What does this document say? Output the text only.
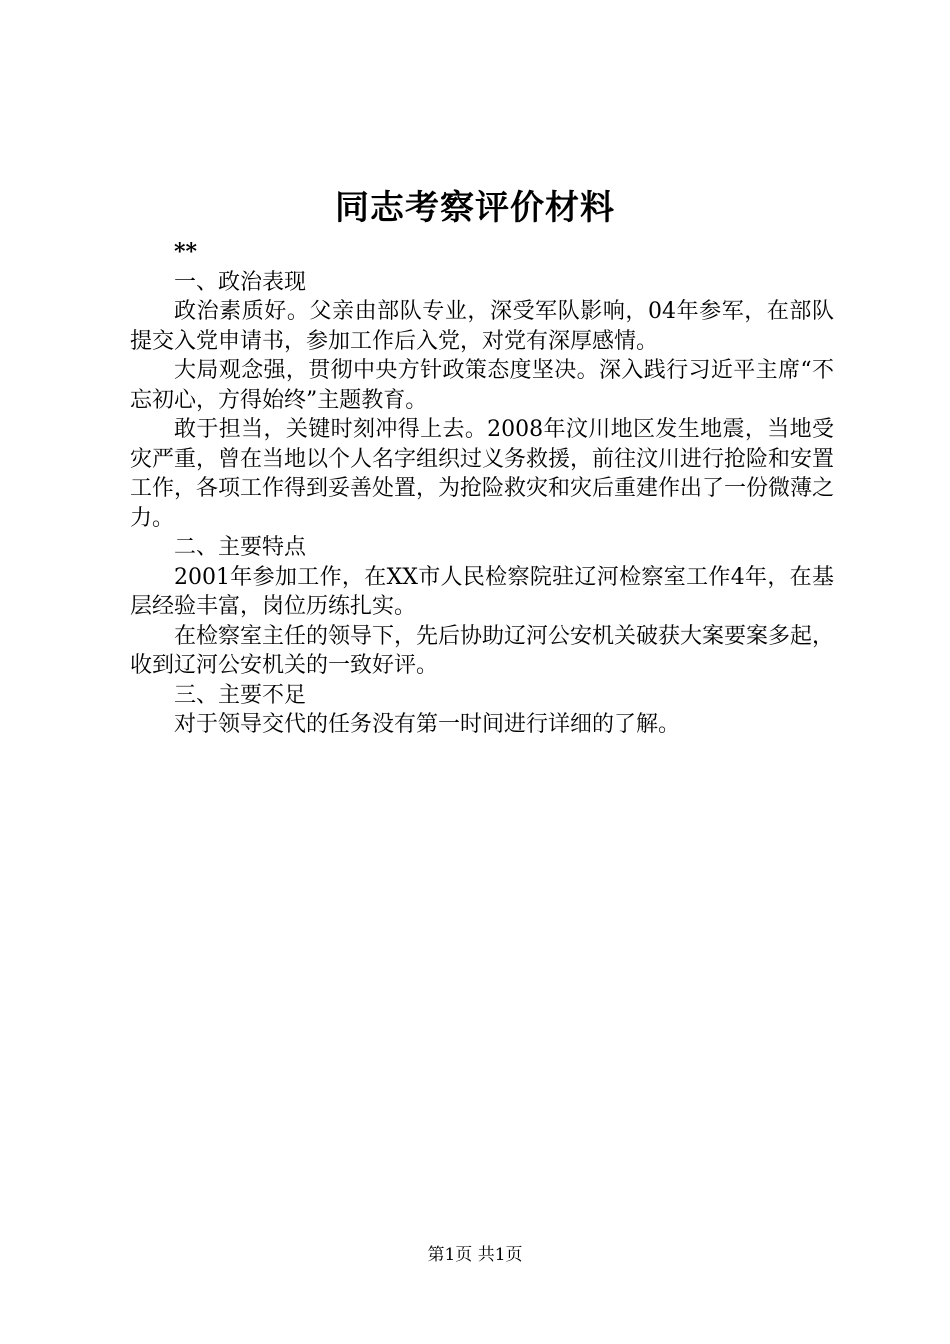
同志考察评价材料

**

一、政治表现

政治素质好。父亲由部队专业，深受军队影响，04年参军，在部队提交入党申请书，参加工作后入党，对党有深厚感情。

大局观念强，贯彻中央方针政策态度坚决。深入践行习近平主席“不忘初心，方得始终”主题教育。

敢于担当，关键时刻冲得上去。2008年汶川地区发生地震，当地受灾严重，曾在当地以个人名字组织过义务救援，前往汶川进行抢险和安置工作，各项工作得到妥善处置，为抢险救灾和灾后重建作出了一份微薄之力。

二、主要特点

2001年参加工作，在XX市人民检察院驻辽河检察室工作4年，在基层经验丰富，岗位历练扎实。

在检察室主任的领导下，先后协助辽河公安机关破获大案要案多起，收到辽河公安机关的一致好评。

三、主要不足

对于领导交代的任务没有第一时间进行详细的了解。

第1页 共1页
